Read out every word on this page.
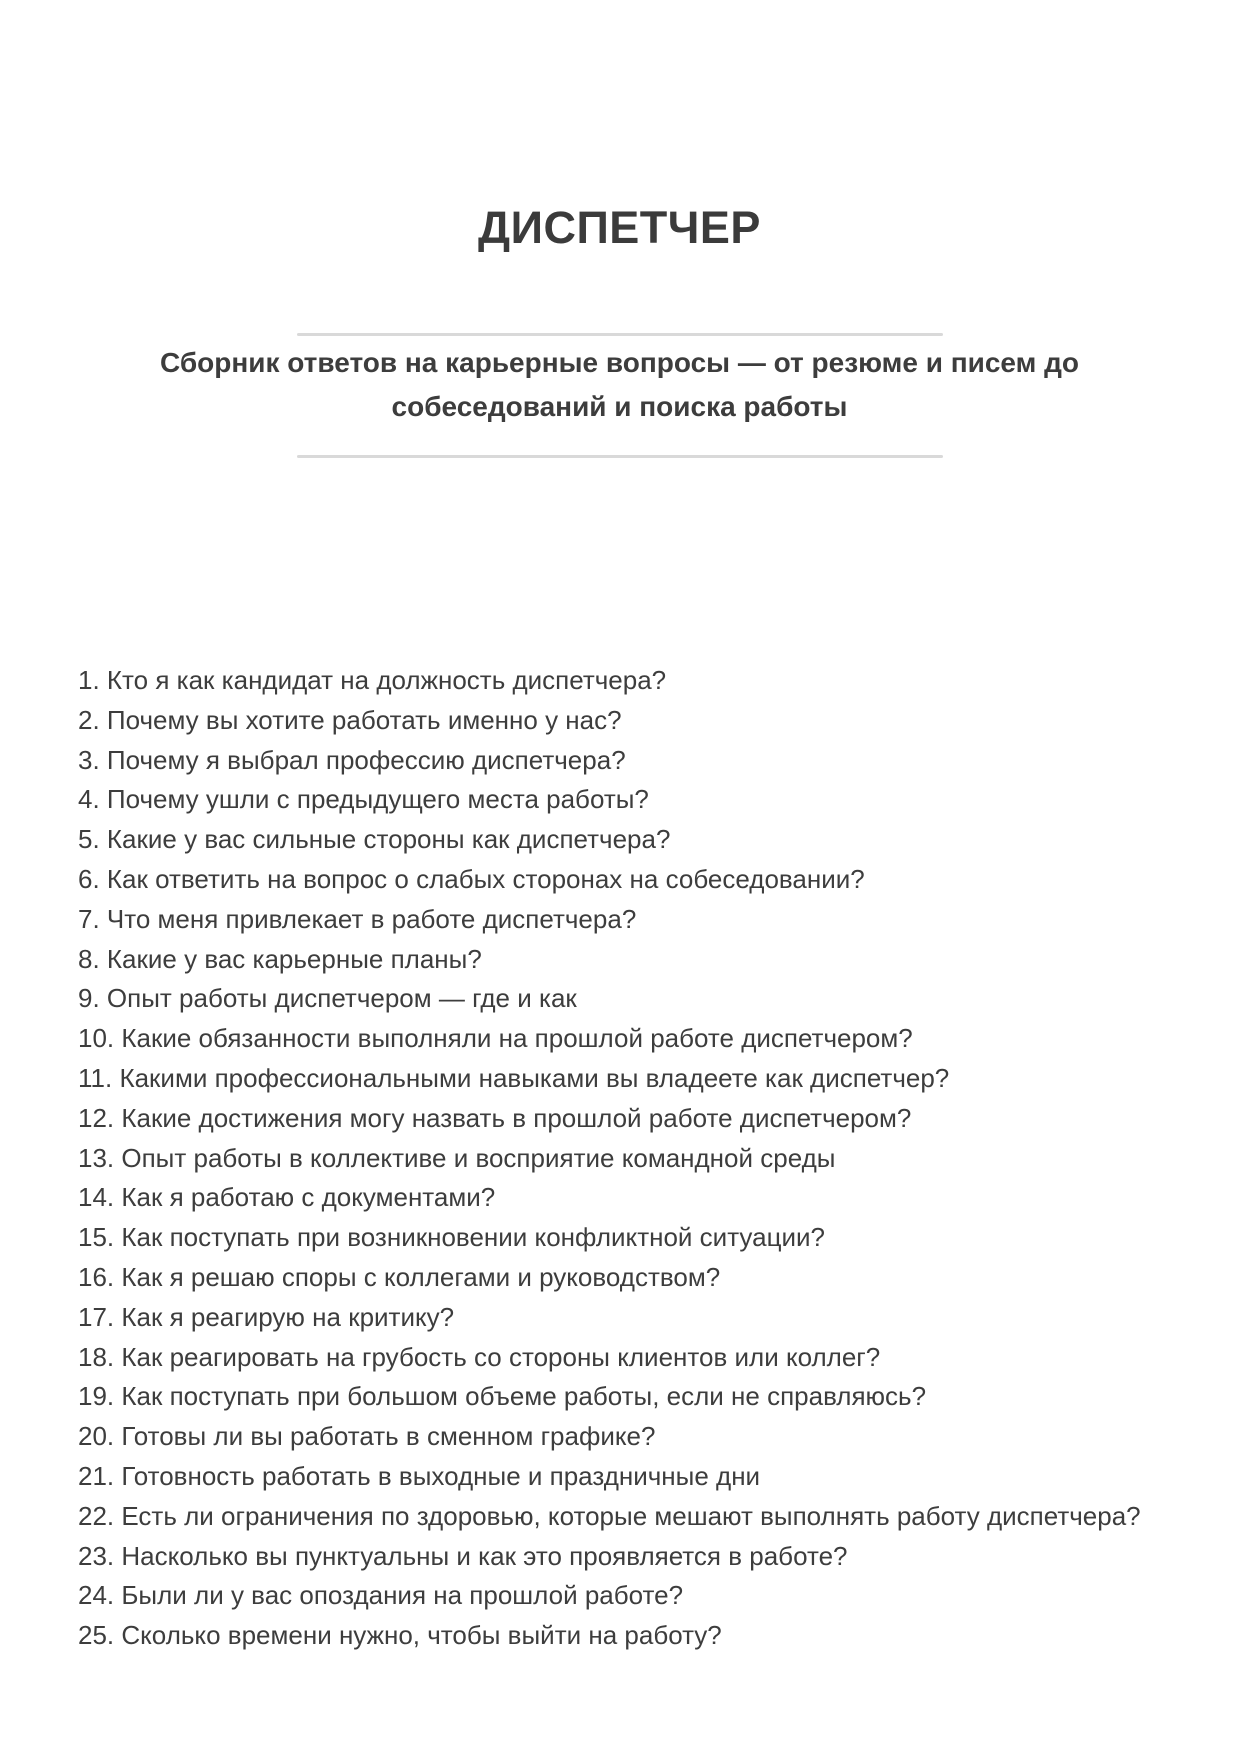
ДИСПЕТЧЕР
Сборник ответов на карьерные вопросы — от резюме и писем до
собеседований и поиска работы
1. Кто я как кандидат на должность диспетчера?
2. Почему вы хотите работать именно у нас?
3. Почему я выбрал профессию диспетчера?
4. Почему ушли с предыдущего места работы?
5. Какие у вас сильные стороны как диспетчера?
6. Как ответить на вопрос о слабых сторонах на собеседовании?
7. Что меня привлекает в работе диспетчера?
8. Какие у вас карьерные планы?
9. Опыт работы диспетчером — где и как
10. Какие обязанности выполняли на прошлой работе диспетчером?
11. Какими профессиональными навыками вы владеете как диспетчер?
12. Какие достижения могу назвать в прошлой работе диспетчером?
13. Опыт работы в коллективе и восприятие командной среды
14. Как я работаю с документами?
15. Как поступать при возникновении конфликтной ситуации?
16. Как я решаю споры с коллегами и руководством?
17. Как я реагирую на критику?
18. Как реагировать на грубость со стороны клиентов или коллег?
19. Как поступать при большом объеме работы, если не справляюсь?
20. Готовы ли вы работать в сменном графике?
21. Готовность работать в выходные и праздничные дни
22. Есть ли ограничения по здоровью, которые мешают выполнять работу диспетчера?
23. Насколько вы пунктуальны и как это проявляется в работе?
24. Были ли у вас опоздания на прошлой работе?
25. Сколько времени нужно, чтобы выйти на работу?
